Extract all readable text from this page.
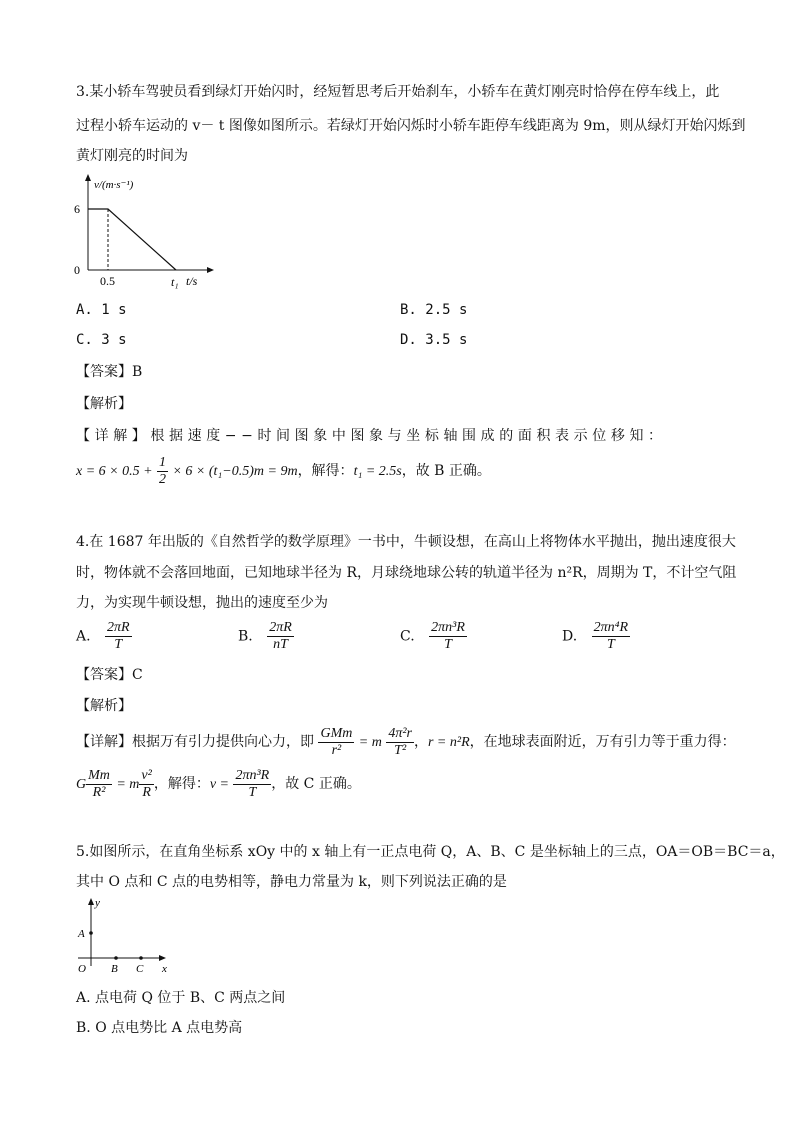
3.某小轿车驾驶员看到绿灯开始闪时，经短暂思考后开始刹车，小轿车在黄灯刚亮时恰停在停车线上，此
过程小轿车运动的 v－ t 图像如图所示。若绿灯开始闪烁时小轿车距停车线距离为 9m，则从绿灯开始闪烁到
黄灯刚亮的时间为
v/(m·s⁻¹)
6
0
0.5	t₁ t/s
A. 1 s	B. 2.5 s
C. 3 s	D. 3.5 s
【答案】B
【解析】
【详解】根据速度−−时间图象中图象与坐标轴围成的面积表示位移知：
$x = 6 \times 0.5 + \frac{1}{2} \times 6 \times (t_1-0.5)m = 9m$，解得：t₁ = 2.5s，故 B 正确。
4.在 1687 年出版的《自然哲学的数学原理》一书中，牛顿设想，在高山上将物体水平抛出，抛出速度很大
时，物体就不会落回地面，已知地球半径为 R，月球绕地球公转的轨道半径为 n²R，周期为 T，不计空气阻
力，为实现牛顿设想，抛出的速度至少为
A. $\frac{2\pi R}{T}$	B. $\frac{2\pi R}{nT}$	C. $\frac{\text{2πn³R}}{T}$	D. $\frac{\text{2πn⁴R}}{T}$
【答案】C
【解析】
【详解】根据万有引力提供向心力，即 $\frac{\text{GMm}}{\text{r²}} = m \frac{\text{4π²r}}{\text{T²}}$ ，r = n²R，在地球表面附近，万有引力等于重力得：
G $\frac{Mm}{\text{R²}} = m \frac{\text{v²}}{R}$ ，解得：$v = \frac{\text{2πn³R}}{T}$ ，故 C 正确。
5.如图所示，在直角坐标系 xOy 中的 x 轴上有一正点电荷 Q，A、B、C 是坐标轴上的三点，OA＝OB＝BC＝a，
其中 O 点和 C 点的电势相等，静电力常量为 k，则下列说法正确的是
y
A
O B C x
A. 点电荷 Q 位于 B、C 两点之间
B. O 点电势比 A 点电势高
